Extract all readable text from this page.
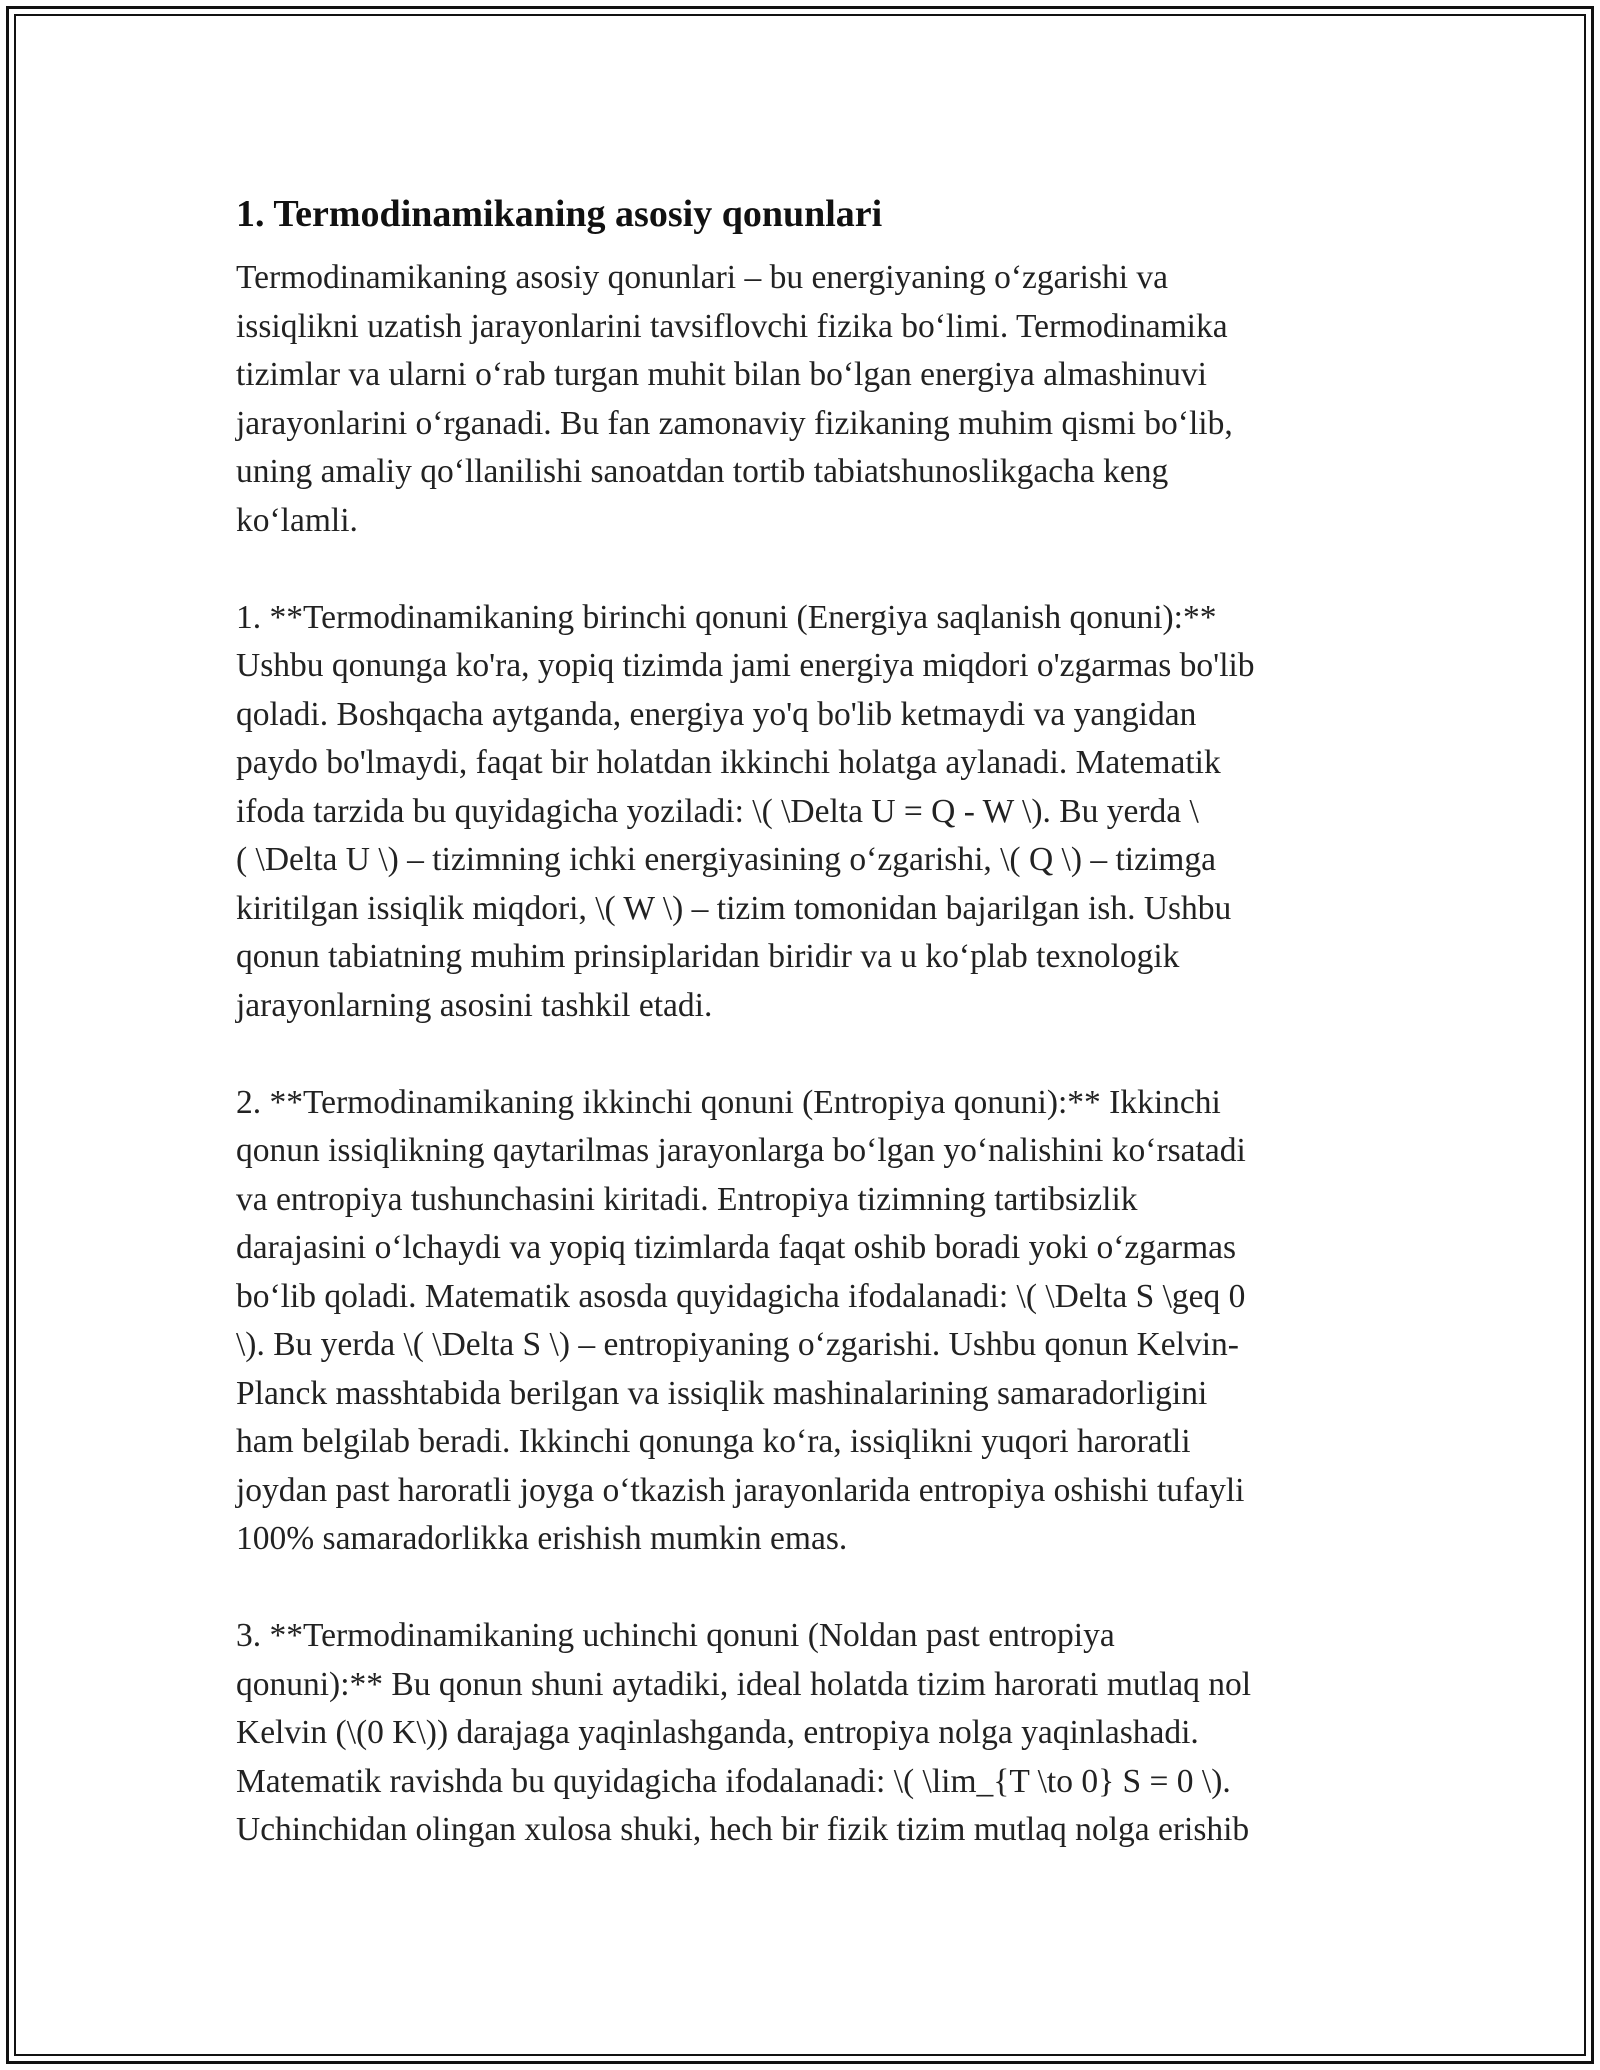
1. Termodinamikaning asosiy qonunlari

Termodinamikaning asosiy qonunlari – bu energiyaning oʻzgarishi va
issiqlikni uzatish jarayonlarini tavsiflovchi fizika boʻlimi. Termodinamika
tizimlar va ularni oʻrab turgan muhit bilan boʻlgan energiya almashinuvi
jarayonlarini oʻrganadi. Bu fan zamonaviy fizikaning muhim qismi boʻlib,
uning amaliy qoʻllanilishi sanoatdan tortib tabiatshunoslikgacha keng
koʻlamli.

1. **Termodinamikaning birinchi qonuni (Energiya saqlanish qonuni):**
Ushbu qonunga ko'ra, yopiq tizimda jami energiya miqdori o'zgarmas bo'lib
qoladi. Boshqacha aytganda, energiya yo'q bo'lib ketmaydi va yangidan
paydo bo'lmaydi, faqat bir holatdan ikkinchi holatga aylanadi. Matematik
ifoda tarzida bu quyidagicha yoziladi: \( \Delta U = Q - W \). Bu yerda \
( \Delta U \) – tizimning ichki energiyasining oʻzgarishi, \( Q \) – tizimga
kiritilgan issiqlik miqdori, \( W \) – tizim tomonidan bajarilgan ish. Ushbu
qonun tabiatning muhim prinsiplaridan biridir va u koʻplab texnologik
jarayonlarning asosini tashkil etadi.

2. **Termodinamikaning ikkinchi qonuni (Entropiya qonuni):** Ikkinchi
qonun issiqlikning qaytarilmas jarayonlarga boʻlgan yoʻnalishini koʻrsatadi
va entropiya tushunchasini kiritadi. Entropiya tizimning tartibsizlik
darajasini oʻlchaydi va yopiq tizimlarda faqat oshib boradi yoki oʻzgarmas
boʻlib qoladi. Matematik asosda quyidagicha ifodalanadi: \( \Delta S \geq 0
\). Bu yerda \( \Delta S \) – entropiyaning oʻzgarishi. Ushbu qonun Kelvin-
Planck masshtabida berilgan va issiqlik mashinalarining samaradorligini
ham belgilab beradi. Ikkinchi qonunga koʻra, issiqlikni yuqori haroratli
joydan past haroratli joyga oʻtkazish jarayonlarida entropiya oshishi tufayli
100% samaradorlikka erishish mumkin emas.

3. **Termodinamikaning uchinchi qonuni (Noldan past entropiya
qonuni):** Bu qonun shuni aytadiki, ideal holatda tizim harorati mutlaq nol
Kelvin (\(0 K\)) darajaga yaqinlashganda, entropiya nolga yaqinlashadi.
Matematik ravishda bu quyidagicha ifodalanadi: \( \lim_{T \to 0} S = 0 \).
Uchinchidan olingan xulosa shuki, hech bir fizik tizim mutlaq nolga erishib
